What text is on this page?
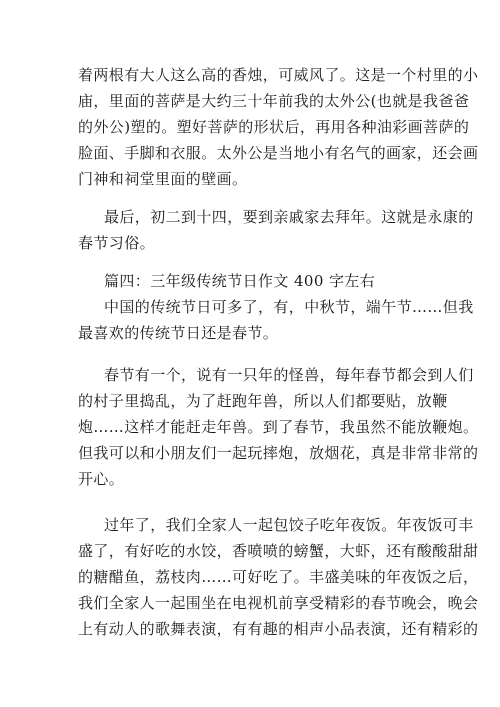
着两根有大人这么高的香烛，可威风了。这是一个村里的小
庙，里面的菩萨是大约三十年前我的太外公(也就是我爸爸
的外公)塑的。塑好菩萨的形状后，再用各种油彩画菩萨的
脸面、手脚和衣服。太外公是当地小有名气的画家，还会画
门神和祠堂里面的壁画。
最后，初二到十四，要到亲戚家去拜年。这就是永康的
春节习俗。
篇四：三年级传统节日作文 400 字左右
中国的传统节日可多了，有，中秋节，端午节……但我
最喜欢的传统节日还是春节。
春节有一个，说有一只年的怪兽，每年春节都会到人们
的村子里捣乱，为了赶跑年兽，所以人们都要贴，放鞭
炮……这样才能赶走年兽。到了春节，我虽然不能放鞭炮。
但我可以和小朋友们一起玩摔炮，放烟花，真是非常非常的
开心。
过年了，我们全家人一起包饺子吃年夜饭。年夜饭可丰
盛了，有好吃的水饺，香喷喷的螃蟹，大虾，还有酸酸甜甜
的糖醋鱼，荔枝肉……可好吃了。丰盛美味的年夜饭之后，
我们全家人一起围坐在电视机前享受精彩的春节晚会，晚会
上有动人的歌舞表演，有有趣的相声小品表演，还有精彩的
